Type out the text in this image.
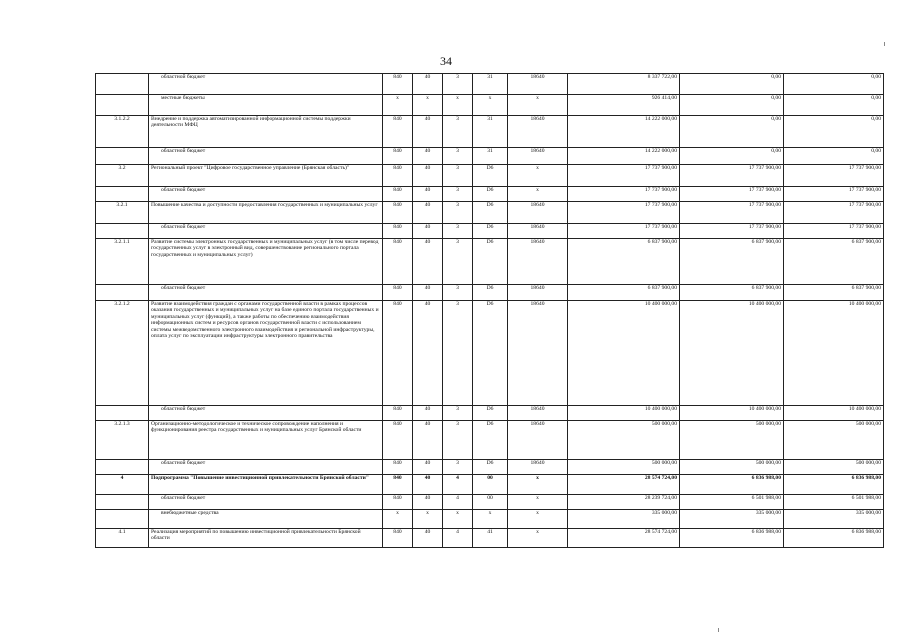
34
	областной бюджет	840	40	3	31	18640	8 337 722,00	0,00	0,00
	местные бюджеты	х	х	х	х	х	926 414,00	0,00	0,00
3.1.2.2	Внедрение и поддержка автоматизированной информационной системы поддержки деятельности МФЦ	840	40	3	31	18640	14 222 000,00	0,00	0,00
	областной бюджет	840	40	3	31	18640	14 222 000,00	0,00	0,00
3.2	Региональный проект "Цифровое государственное управление (Брянская область)"	840	40	3	D6	х	17 737 900,00	17 737 900,00	17 737 900,00
	областной бюджет	840	40	3	D6	х	17 737 900,00	17 737 900,00	17 737 900,00
3.2.1	Повышение качества и доступности предоставления государственных и муниципальных услуг	840	40	3	D6	18640	17 737 900,00	17 737 900,00	17 737 900,00
	областной бюджет	840	40	3	D6	18640	17 737 900,00	17 737 900,00	17 737 900,00
3.2.1.1	Развитие системы электронных государственных и муниципальных услуг (в том числе перевод государственных услуг в электронный вид, совершенствование регионального портала государственных и муниципальных услуг)	840	40	3	D6	18640	6 837 900,00	6 837 900,00	6 837 900,00
	областной бюджет	840	40	3	D6	18640	6 837 900,00	6 837 900,00	6 837 900,00
3.2.1.2	Развитие взаимодействия граждан с органами государственной власти в рамках процессов оказания государственных и муниципальных услуг на базе единого портала государственных и муниципальных услуг (функций), а также работы по обеспечению взаимодействия информационных систем и ресурсов органов государственной власти с использованием системы межведомственного электронного взаимодействия и региональной инфраструктуры, оплата услуг по эксплуатации инфраструктуры электронного правительства	840	40	3	D6	18640	10 400 000,00	10 400 000,00	10 400 000,00
	областной бюджет	840	40	3	D6	18640	10 400 000,00	10 400 000,00	10 400 000,00
3.2.1.3	Организационно-методологическое и техническое сопровождение наполнения и функционирования реестра государственных и муниципальных услуг Брянской области	840	40	3	D6	18640	500 000,00	500 000,00	500 000,00
	областной бюджет	840	40	3	D6	18640	500 000,00	500 000,00	500 000,00
4	Подпрограмма "Повышение инвестиционной привлекательности Брянской области"	840	40	4	00	х	28 574 724,00	6 836 988,00	6 836 988,00
	областной бюджет	840	40	4	00	х	28 239 724,00	6 501 988,00	6 501 988,00
	внебюджетные средства	х	х	х	х	х	335 000,00	335 000,00	335 000,00
4.1	Реализация мероприятий по повышению инвестиционной привлекательности Брянской области	840	40	4	41	х	28 574 724,00	6 836 988,00	6 836 988,00
